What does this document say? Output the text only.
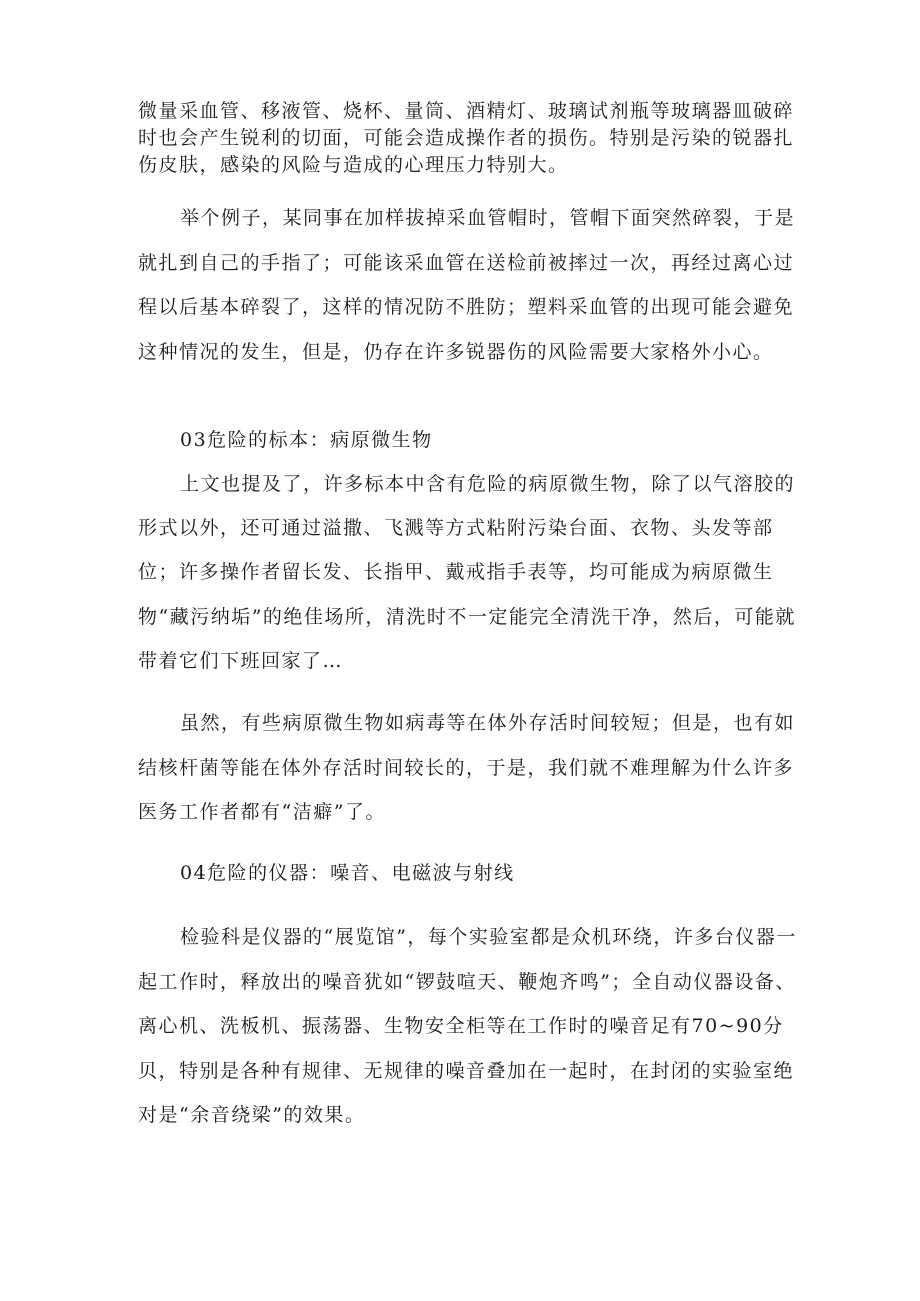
微量采血管、移液管、烧杯、量筒、酒精灯、玻璃试剂瓶等玻璃器皿破碎时也会产生锐利的切面，可能会造成操作者的损伤。特别是污染的锐器扎伤皮肤，感染的风险与造成的心理压力特别大。

举个例子，某同事在加样拔掉采血管帽时，管帽下面突然碎裂，于是就扎到自己的手指了；可能该采血管在送检前被摔过一次，再经过离心过程以后基本碎裂了，这样的情况防不胜防；塑料采血管的出现可能会避免这种情况的发生，但是，仍存在许多锐器伤的风险需要大家格外小心。

03危险的标本：病原微生物

上文也提及了，许多标本中含有危险的病原微生物，除了以气溶胶的形式以外，还可通过溢撒、飞溅等方式粘附污染台面、衣物、头发等部位；许多操作者留长发、长指甲、戴戒指手表等，均可能成为病原微生物“藏污纳垢”的绝佳场所，清洗时不一定能完全清洗干净，然后，可能就带着它们下班回家了…

虽然，有些病原微生物如病毒等在体外存活时间较短；但是，也有如结核杆菌等能在体外存活时间较长的，于是，我们就不难理解为什么许多医务工作者都有“洁癖”了。

04危险的仪器：噪音、电磁波与射线

检验科是仪器的“展览馆”，每个实验室都是众机环绕，许多台仪器一起工作时，释放出的噪音犹如“锣鼓喧天、鞭炮齐鸣”；全自动仪器设备、离心机、洗板机、振荡器、生物安全柜等在工作时的噪音足有70~90分贝，特别是各种有规律、无规律的噪音叠加在一起时，在封闭的实验室绝对是“余音绕梁”的效果。
